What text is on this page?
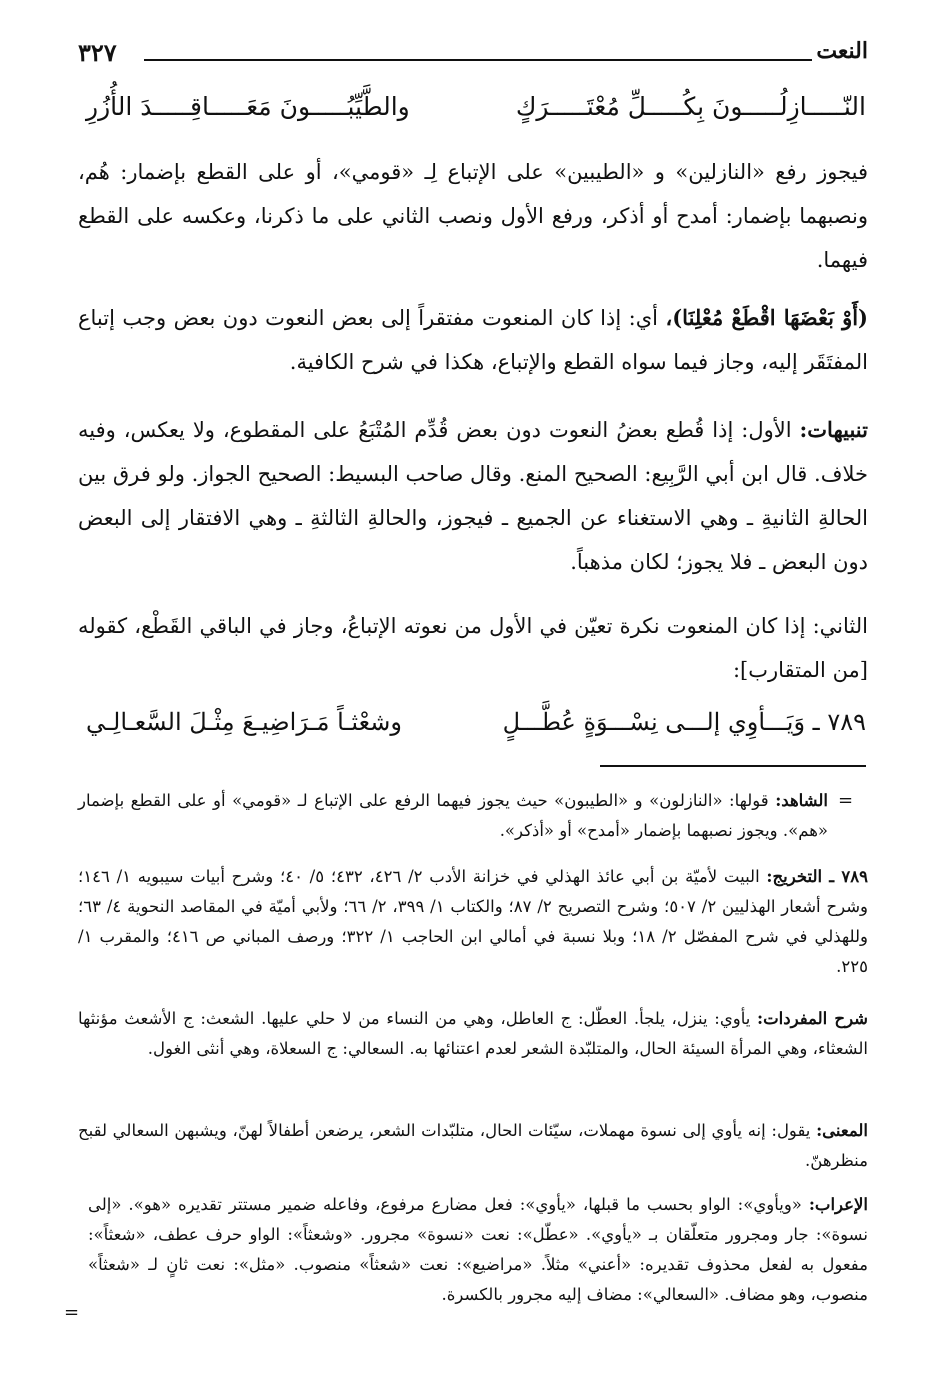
٣٢٧	النعت
النّـــــازِلُـــــونَ بِكُـــــلِّ مُعْتَـــــرَكٍ
والطَّيِّبُـــــونَ مَعَـــــاقِـــــدَ الأُزُرِ
فيجوز رفع «النازلين» و «الطيبين» على الإتباع لِـ «قومي»، أو على القطع بإضمار: هُم، ونصبهما بإضمار: أمدح أو أذكر، ورفع الأول ونصب الثاني على ما ذكرنا، وعكسه على القطع فيهما.
(أَوْ بَعْضَهَا اقْطَعْ مُعْلِنَا)، أي: إذا كان المنعوت مفتقراً إلى بعض النعوت دون بعض وجب إتباع المفتَقَر إليه، وجاز فيما سواه القطع والإتباع، هكذا في شرح الكافية.
تنبيهات: الأول: إذا قُطع بعضُ النعوت دون بعض قُدِّم المُتْبَعُ على المقطوع، ولا يعكس، وفيه خلاف. قال ابن أبي الرَّبِيع: الصحيح المنع. وقال صاحب البسيط: الصحيح الجواز. ولو فرق بين الحالةِ الثانيةِ ـ وهي الاستغناء عن الجميع ـ فيجوز، والحالةِ الثالثةِ ـ وهي الافتقار إلى البعض دون البعض ـ فلا يجوز؛ لكان مذهباً.
الثاني: إذا كان المنعوت نكرة تعيّن في الأول من نعوته الإتباعُ، وجاز في الباقي القَطْع، كقوله [من المتقارب]:
٧٨٩ ـ وَيَـــأوِي إلـــى نِسْـــوَةٍ عُطَّـــلٍ
وشعْثـاً مَـرَاضِيـعَ مِثْـلَ السَّعـالِـي
=
الشاهد: قولها: «النازلون» و «الطيبون» حيث يجوز فيهما الرفع على الإتباع لـ «قومي» أو على القطع بإضمار «هم». ويجوز نصبهما بإضمار «أمدح» أو «أذكر».
٧٨٩ ـ التخريج: البيت لأميّة بن أبي عائذ الهذلي في خزانة الأدب ٢/ ٤٢٦، ٤٣٢؛ ٥/ ٤٠؛ وشرح أبيات سيبويه ١/ ١٤٦؛ وشرح أشعار الهذليين ٢/ ٥٠٧؛ وشرح التصريح ٢/ ٨٧؛ والكتاب ١/ ٣٩٩، ٢/ ٦٦؛ ولأبي أميّة في المقاصد النحوية ٤/ ٦٣؛ وللهذلي في شرح المفصّل ٢/ ١٨؛ وبلا نسبة في أمالي ابن الحاجب ١/ ٣٢٢؛ ورصف المباني ص ٤١٦؛ والمقرب ١/ ٢٢٥.
شرح المفردات: يأوي: ينزل، يلجأ. العطّل: ج العاطل، وهي من النساء من لا حلي عليها. الشعث: ج الأشعث مؤنثها الشعثاء، وهي المرأة السيئة الحال، والمتلبّدة الشعر لعدم اعتنائها به. السعالي: ج السعلاة، وهي أنثى الغول.
المعنى: يقول: إنه يأوي إلى نسوة مهملات، سيّئات الحال، متلبّدات الشعر، يرضعن أطفالاً لهنّ، ويشبهن السعالي لقبح منظرهنّ.
الإعراب: «ويأوي»: الواو بحسب ما قبلها، «يأوي»: فعل مضارع مرفوع، وفاعله ضمير مستتر تقديره «هو». «إلى نسوة»: جار ومجرور متعلّقان بـ «يأوي». «عطّل»: نعت «نسوة» مجرور. «وشعثاً»: الواو حرف عطف، «شعثاً»: مفعول به لفعل محذوف تقديره: «أعني» مثلاً. «مراضيع»: نعت «شعثاً» منصوب. «مثل»: نعت ثانٍ لـ «شعثاً» منصوب، وهو مضاف. «السعالي»: مضاف إليه مجرور بالكسرة.
=
